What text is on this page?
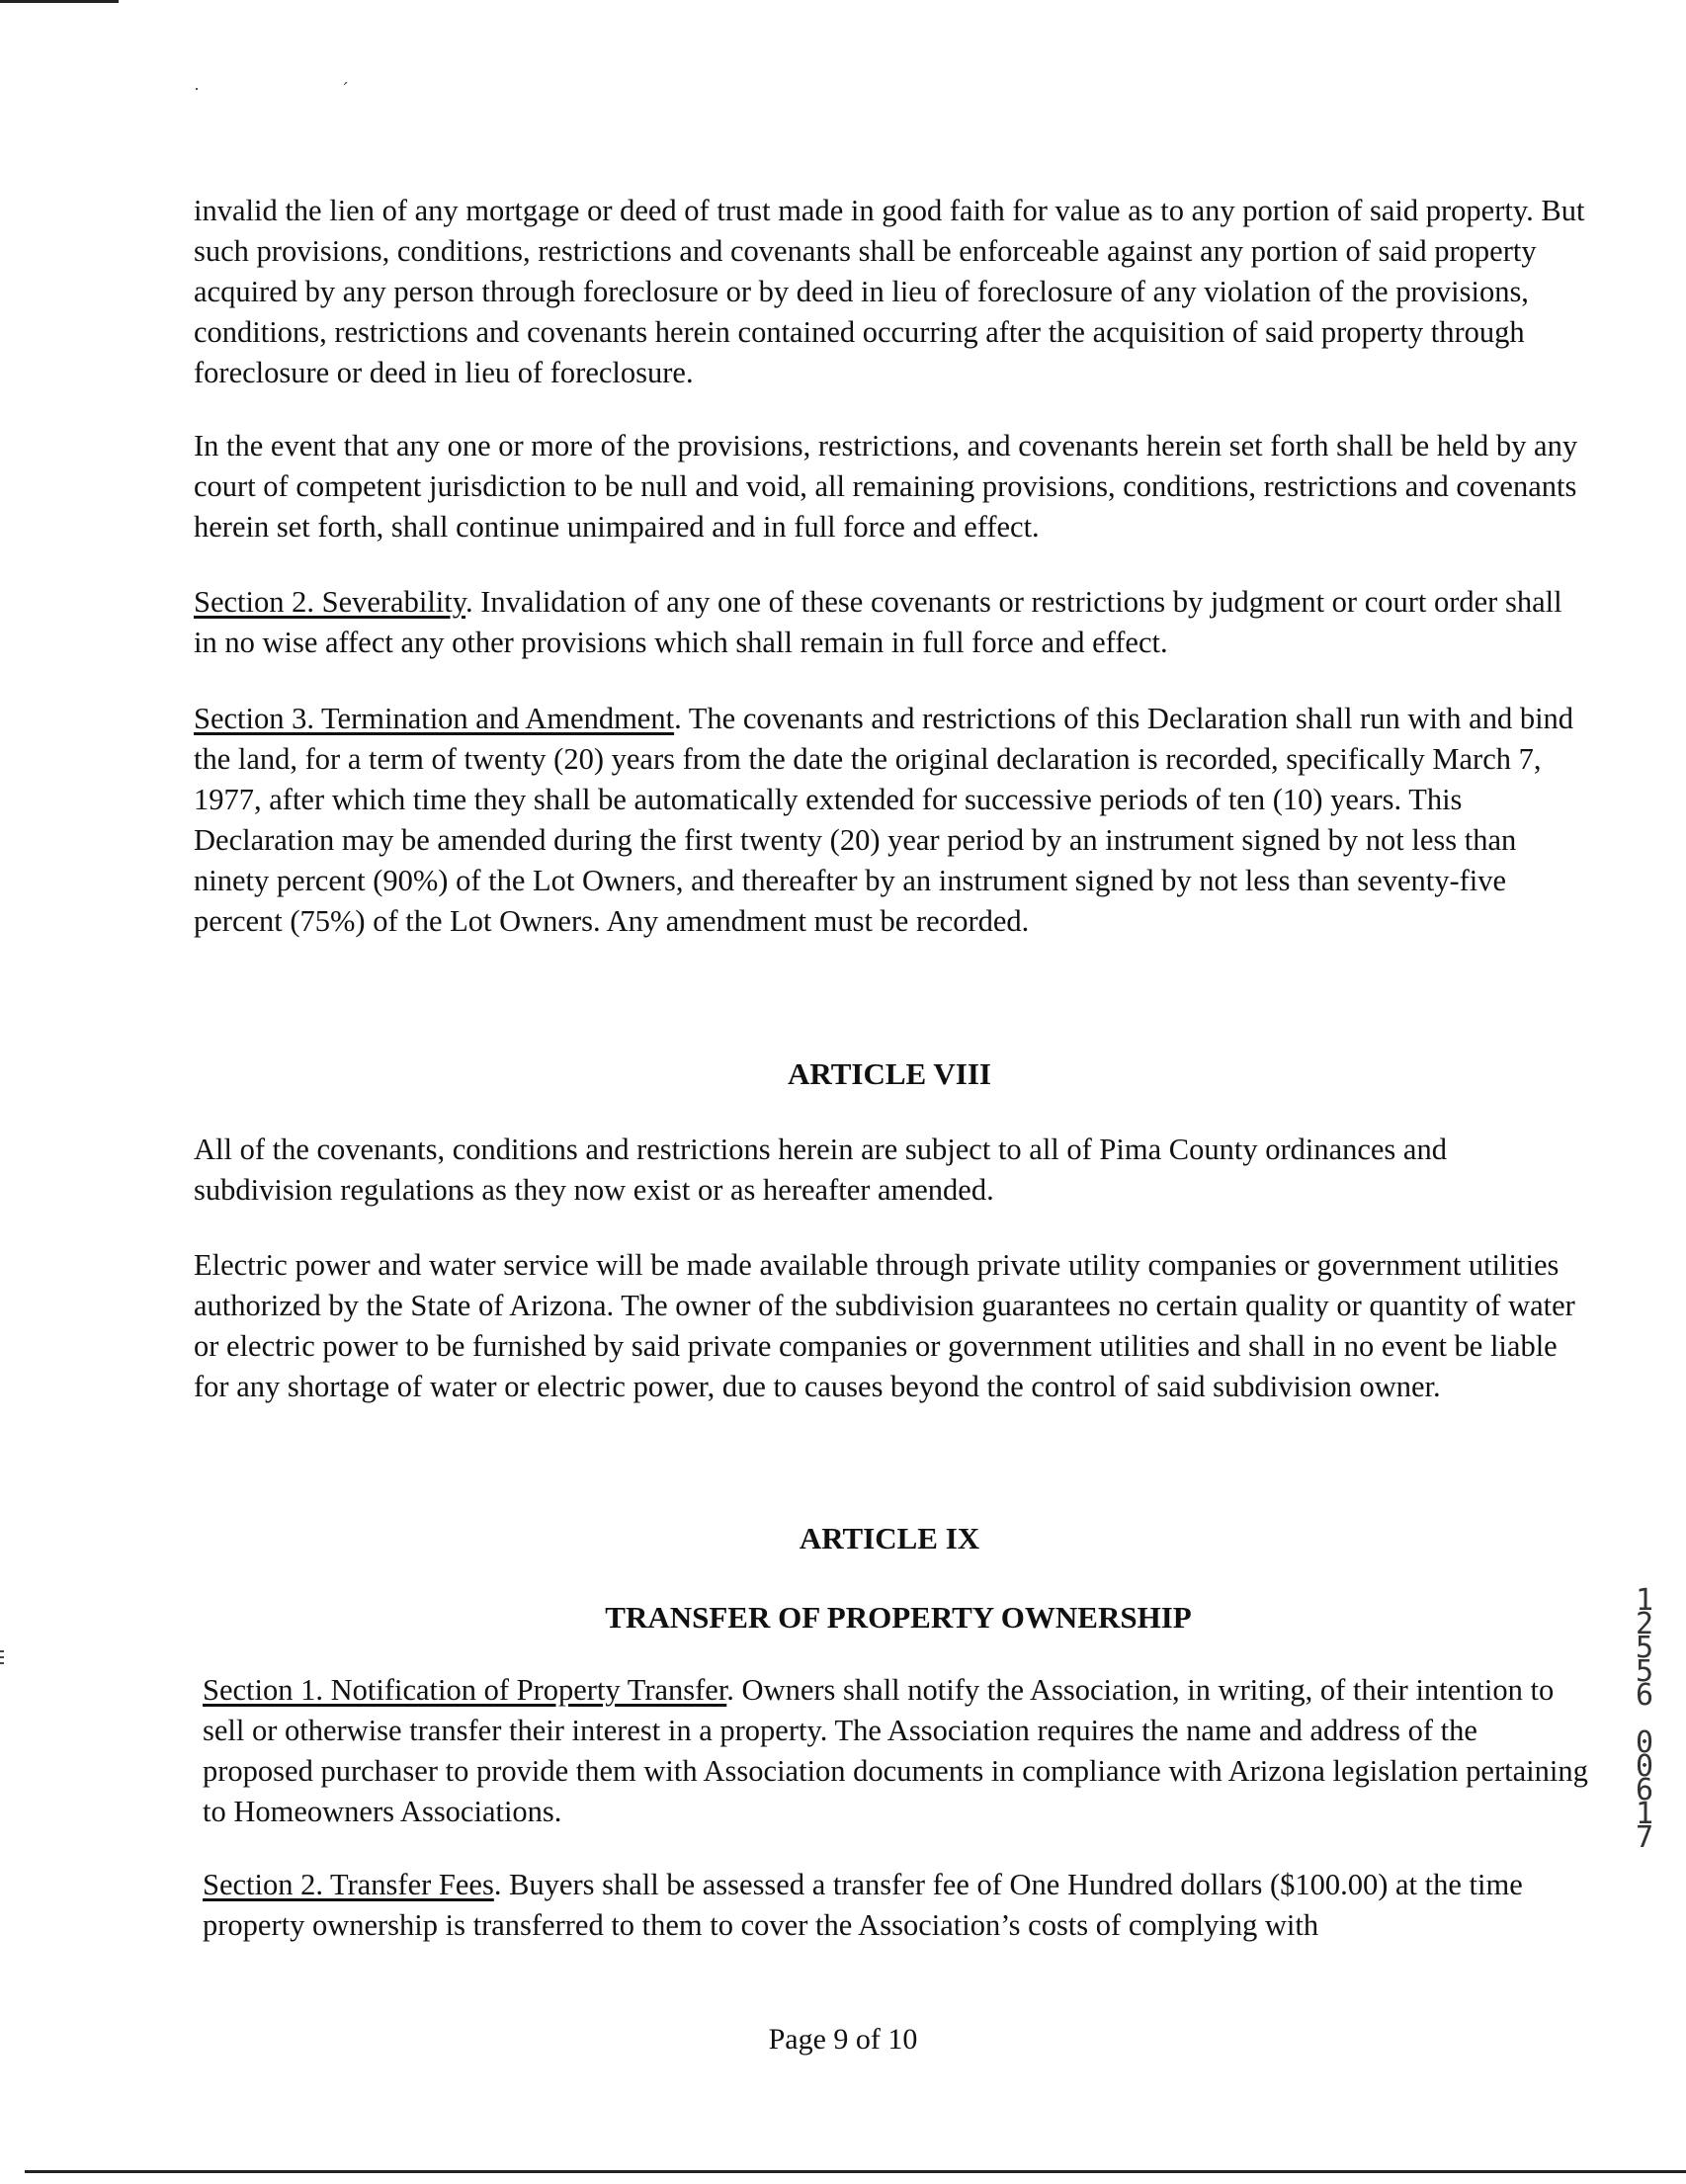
· ˊ

invalid the lien of any mortgage or deed of trust made in good faith for value as to any portion of said property. But such provisions, conditions, restrictions and covenants shall be enforceable against any portion of said property acquired by any person through foreclosure or by deed in lieu of foreclosure of any violation of the provisions, conditions, restrictions and covenants herein contained occurring after the acquisition of said property through foreclosure or deed in lieu of foreclosure.

In the event that any one or more of the provisions, restrictions, and covenants herein set forth shall be held by any court of competent jurisdiction to be null and void, all remaining provisions, conditions, restrictions and covenants herein set forth, shall continue unimpaired and in full force and effect.

Section 2. Severability. Invalidation of any one of these covenants or restrictions by judgment or court order shall in no wise affect any other provisions which shall remain in full force and effect.

Section 3. Termination and Amendment. The covenants and restrictions of this Declaration shall run with and bind the land, for a term of twenty (20) years from the date the original declaration is recorded, specifically March 7, 1977, after which time they shall be automatically extended for successive periods of ten (10) years. This Declaration may be amended during the first twenty (20) year period by an instrument signed by not less than ninety percent (90%) of the Lot Owners, and thereafter by an instrument signed by not less than seventy-five percent (75%) of the Lot Owners. Any amendment must be recorded.

ARTICLE VIII

All of the covenants, conditions and restrictions herein are subject to all of Pima County ordinances and subdivision regulations as they now exist or as hereafter amended.

Electric power and water service will be made available through private utility companies or government utilities authorized by the State of Arizona. The owner of the subdivision guarantees no certain quality or quantity of water or electric power to be furnished by said private companies or government utilities and shall in no event be liable for any shortage of water or electric power, due to causes beyond the control of said subdivision owner.

ARTICLE IX
TRANSFER OF PROPERTY OWNERSHIP

Section 1. Notification of Property Transfer. Owners shall notify the Association, in writing, of their intention to sell or otherwise transfer their interest in a property. The Association requires the name and address of the proposed purchaser to provide them with Association documents in compliance with Arizona legislation pertaining to Homeowners Associations.

Section 2. Transfer Fees. Buyers shall be assessed a transfer fee of One Hundred dollars ($100.00) at the time property ownership is transferred to them to cover the Association’s costs of complying with

Page 9 of 10
1
2
5
5
6

0
0
6
1
7
